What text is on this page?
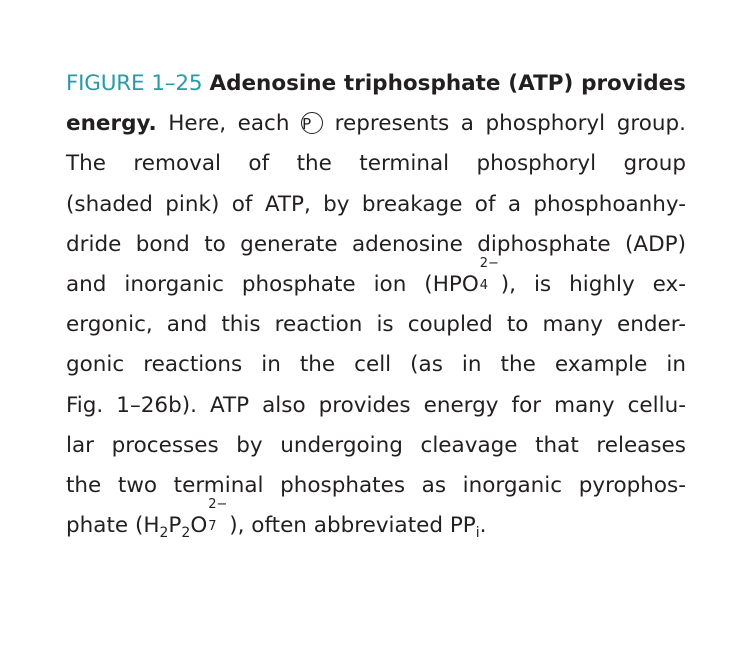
FIGURE 1–25 Adenosine triphosphate (ATP) provides
energy. Here, each P represents a phosphoryl group.
The removal of the terminal phosphoryl group
(shaded pink) of ATP, by breakage of a phosphoanhy-
dride bond to generate adenosine diphosphate (ADP)
and inorganic phosphate ion (HPO
2−
4 ), is highly ex-
ergonic, and this reaction is coupled to many ender-
gonic reactions in the cell (as in the example in
Fig. 1–26b). ATP also provides energy for many cellu-
lar processes by undergoing cleavage that releases
the two terminal phosphates as inorganic pyrophos-
phate ($H_2P_2O$
2−
7 ), often abbreviated $PP_i$.
